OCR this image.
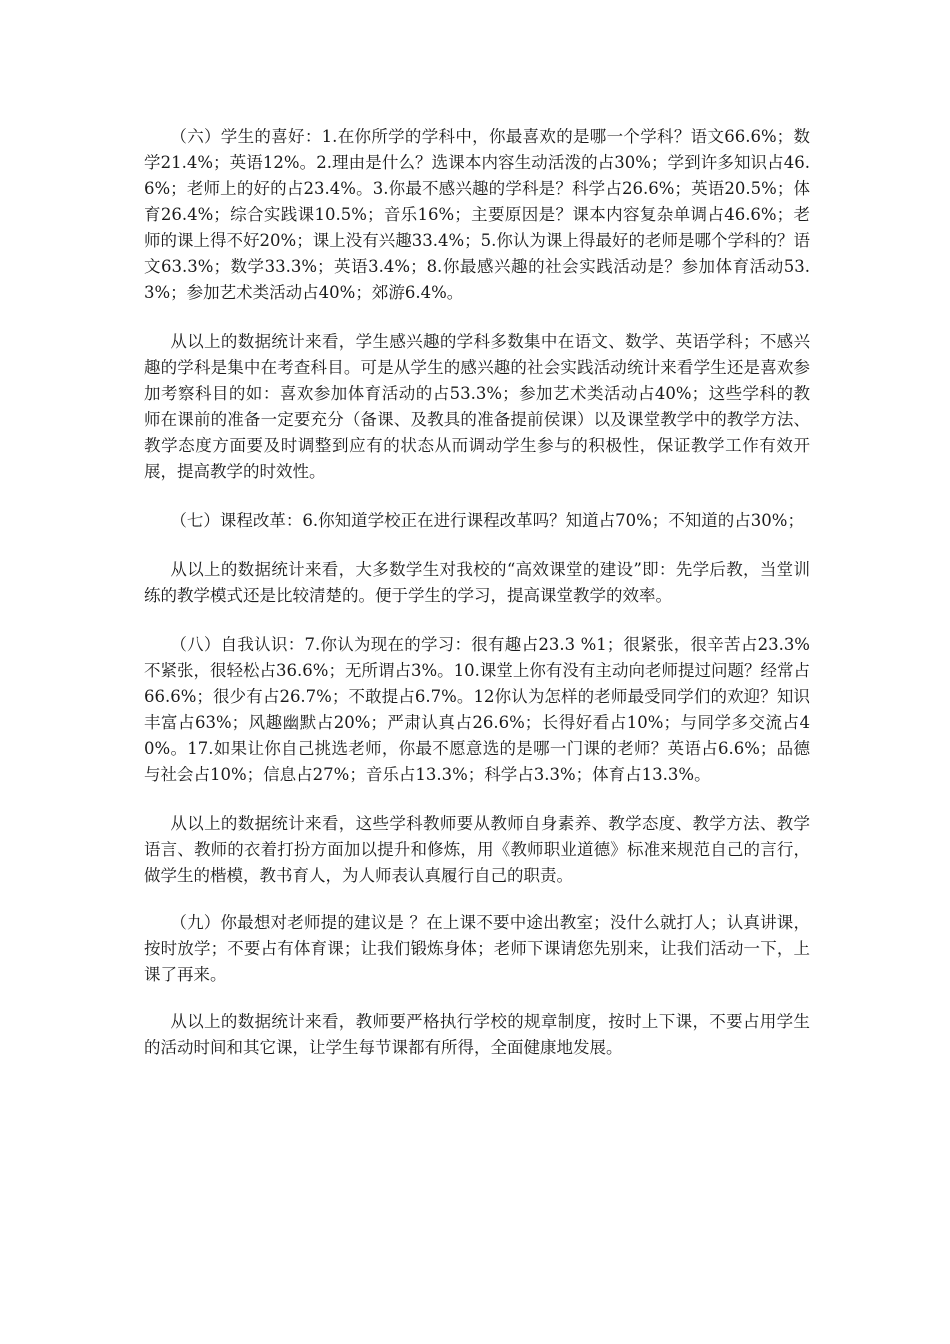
（六）学生的喜好：1.在你所学的学科中，你最喜欢的是哪一个学科？语文66.6%；数学21.4%；英语12%。2.理由是什么？选课本内容生动活泼的占30%；学到许多知识占46.6%；老师上的好的占23.4%。3.你最不感兴趣的学科是？科学占26.6%；英语20.5%；体育26.4%；综合实践课10.5%；音乐16%；主要原因是？课本内容复杂单调占46.6%；老师的课上得不好20%；课上没有兴趣33.4%；5.你认为课上得最好的老师是哪个学科的？语文63.3%；数学33.3%；英语3.4%；8.你最感兴趣的社会实践活动是？参加体育活动53.3%；参加艺术类活动占40%；郊游6.4%。

从以上的数据统计来看，学生感兴趣的学科多数集中在语文、数学、英语学科；不感兴趣的学科是集中在考查科目。可是从学生的感兴趣的社会实践活动统计来看学生还是喜欢参加考察科目的如：喜欢参加体育活动的占53.3%；参加艺术类活动占40%；这些学科的教师在课前的准备一定要充分（备课、及教具的准备提前侯课）以及课堂教学中的教学方法、教学态度方面要及时调整到应有的状态从而调动学生参与的积极性，保证教学工作有效开展，提高教学的时效性。

（七）课程改革：6.你知道学校正在进行课程改革吗？知道占70%；不知道的占30%；

从以上的数据统计来看，大多数学生对我校的“高效课堂的建设”即：先学后教，当堂训练的教学模式还是比较清楚的。便于学生的学习，提高课堂教学的效率。

（八）自我认识：7.你认为现在的学习：很有趣占23.3 %1；很紧张，很辛苦占23.3%不紧张，很轻松占36.6%；无所谓占3%。10.课堂上你有没有主动向老师提过问题？经常占66.6%；很少有占26.7%；不敢提占6.7%。12你认为怎样的老师最受同学们的欢迎？知识丰富占63%；风趣幽默占20%；严肃认真占26.6%；长得好看占10%；与同学多交流占40%。17.如果让你自己挑选老师，你最不愿意选的是哪一门课的老师？英语占6.6%；品德与社会占10%；信息占27%；音乐占13.3%；科学占3.3%；体育占13.3%。

从以上的数据统计来看，这些学科教师要从教师自身素养、教学态度、教学方法、教学语言、教师的衣着打扮方面加以提升和修炼，用《教师职业道德》标准来规范自己的言行，做学生的楷模，教书育人，为人师表认真履行自己的职责。

（九）你最想对老师提的建议是 ？在上课不要中途出教室；没什么就打人；认真讲课，按时放学；不要占有体育课；让我们锻炼身体；老师下课请您先别来，让我们活动一下，上课了再来。

从以上的数据统计来看，教师要严格执行学校的规章制度，按时上下课，不要占用学生的活动时间和其它课，让学生每节课都有所得，全面健康地发展。
